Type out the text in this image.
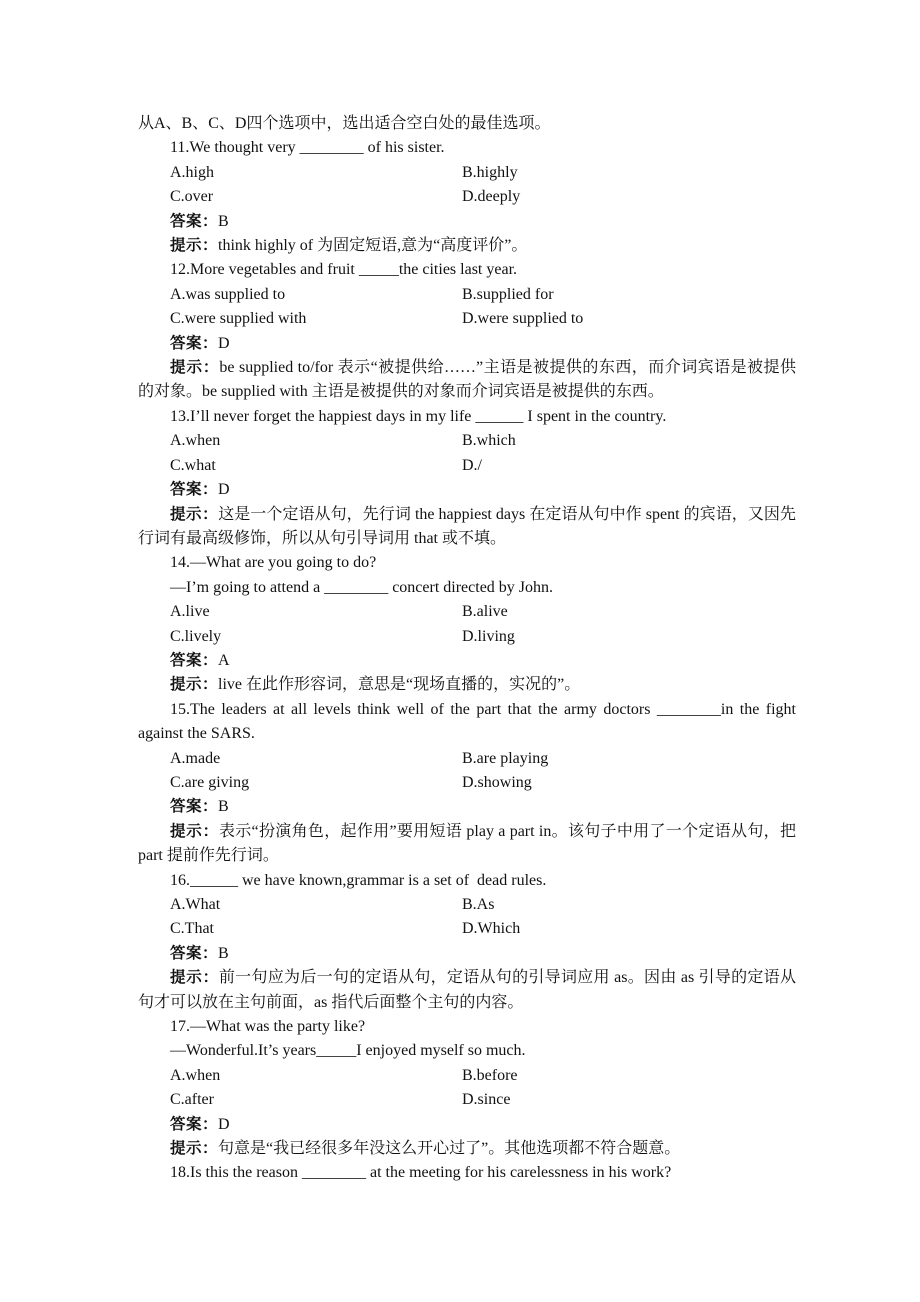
从A、B、C、D四个选项中，选出适合空白处的最佳选项。

11.We thought very ________ of his sister.

A.high	B.highly
C.over	D.deeply

答案：B

提示：think highly of 为固定短语,意为“高度评价”。

12.More vegetables and fruit _____the cities last year.

A.was supplied to	B.supplied for
C.were supplied with	D.were supplied to

答案：D

提示：be supplied to/for 表示“被提供给……”主语是被提供的东西，而介词宾语是被提供的对象。be supplied with 主语是被提供的对象而介词宾语是被提供的东西。

13.I’ll never forget the happiest days in my life ______ I spent in the country.

A.when	B.which
C.what	D./

答案：D

提示：这是一个定语从句，先行词 the happiest days 在定语从句中作 spent 的宾语，又因先行词有最高级修饰，所以从句引导词用 that 或不填。

14.—What are you going to do?

—I’m going to attend a ________ concert directed by John.

A.live	B.alive
C.lively	D.living

答案：A

提示：live 在此作形容词，意思是“现场直播的，实况的”。

15.The leaders at all levels think well of the part that the army doctors ________in the fight

against the SARS.

A.made	B.are playing
C.are giving	D.showing

答案：B

提示：表示“扮演角色，起作用”要用短语 play a part in。该句子中用了一个定语从句，把 part 提前作先行词。

16.______ we have known,grammar is a set of  dead rules.

A.What	B.As
C.That	D.Which

答案：B

提示：前一句应为后一句的定语从句，定语从句的引导词应用 as。因由 as 引导的定语从句才可以放在主句前面，as 指代后面整个主句的内容。

17.—What was the party like?

—Wonderful.It’s years_____I enjoyed myself so much.

A.when	B.before
C.after	D.since

答案：D

提示：句意是“我已经很多年没这么开心过了”。其他选项都不符合题意。

18.Is this the reason ________ at the meeting for his carelessness in his work?
